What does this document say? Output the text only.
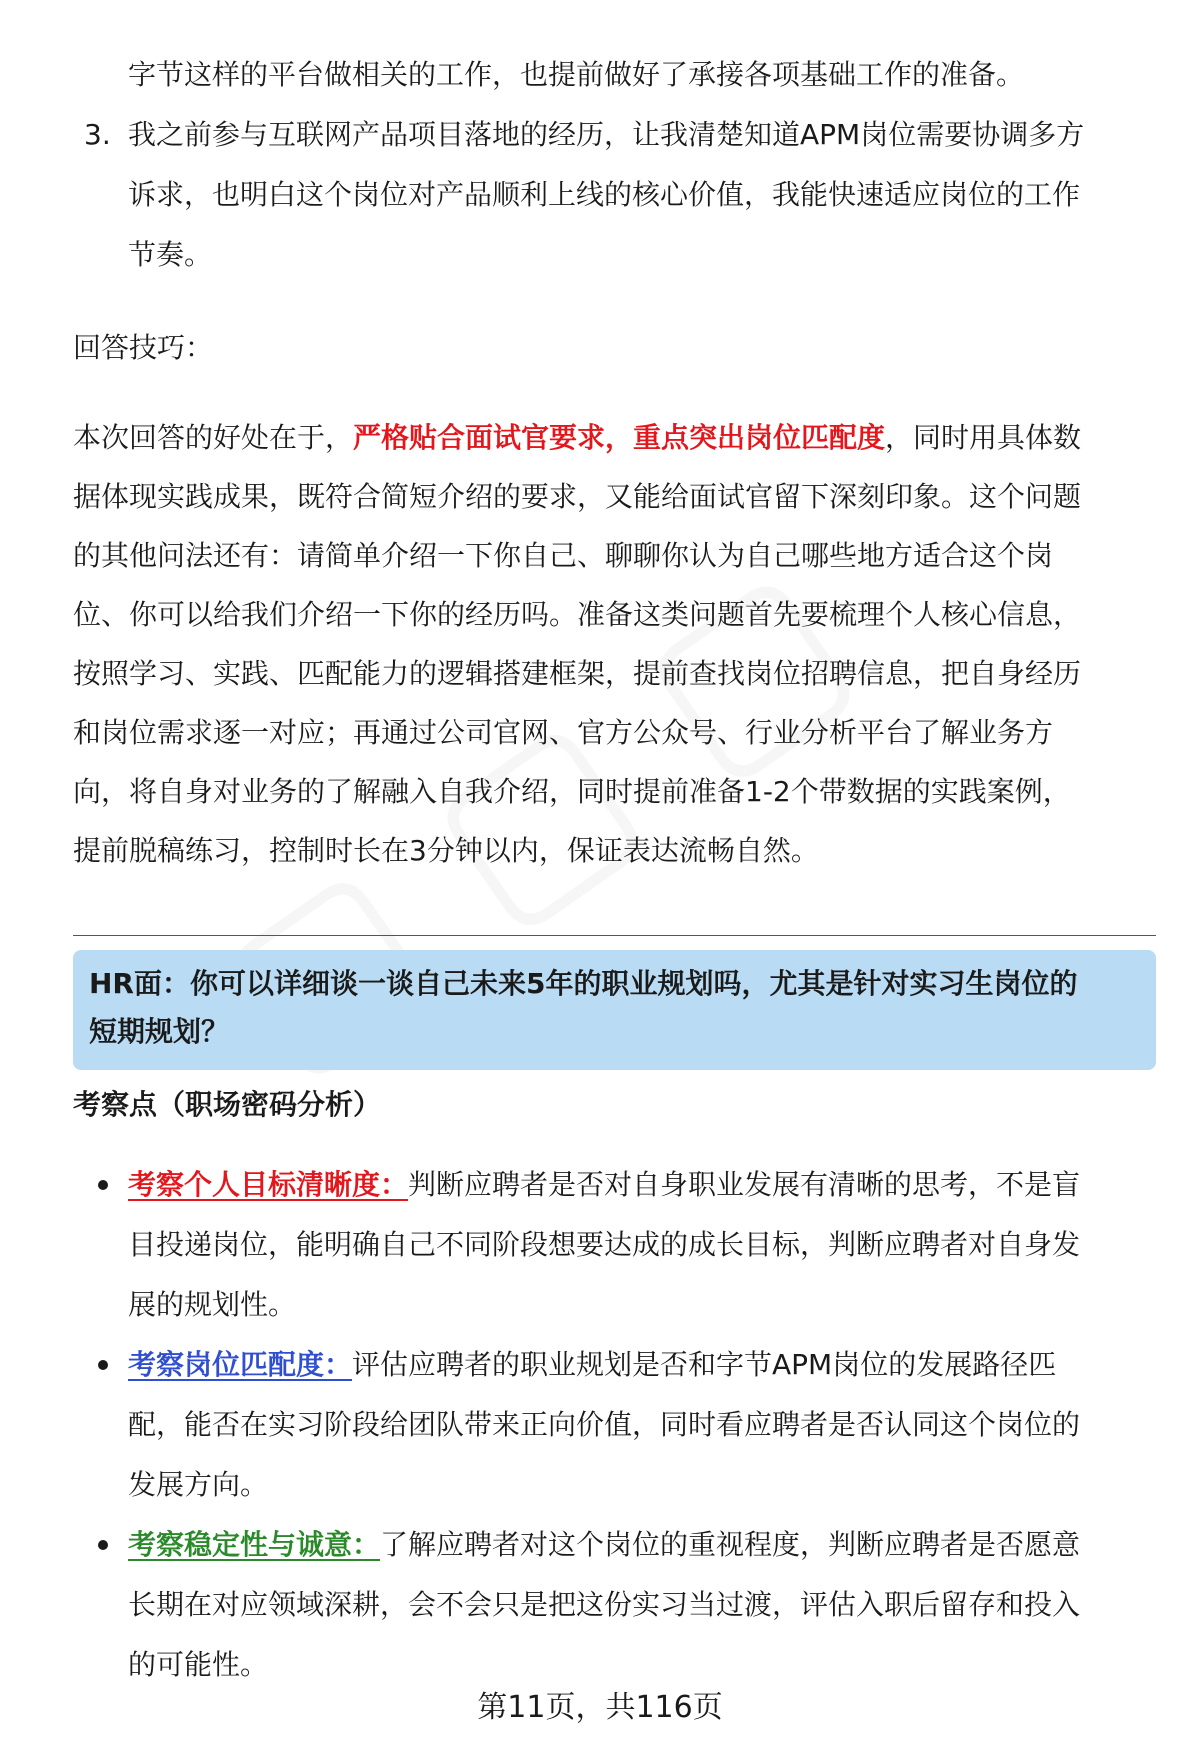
字节这样的平台做相关的工作，也提前做好了承接各项基础工作的准备。
3. 我之前参与互联网产品项目落地的经历，让我清楚知道APM岗位需要协调多方
诉求，也明白这个岗位对产品顺利上线的核心价值，我能快速适应岗位的工作
节奏。
回答技巧：
本次回答的好处在于，严格贴合面试官要求，重点突出岗位匹配度，同时用具体数
据体现实践成果，既符合简短介绍的要求，又能给面试官留下深刻印象。这个问题
的其他问法还有：请简单介绍一下你自己、聊聊你认为自己哪些地方适合这个岗
位、你可以给我们介绍一下你的经历吗。准备这类问题首先要梳理个人核心信息，
按照学习、实践、匹配能力的逻辑搭建框架，提前查找岗位招聘信息，把自身经历
和岗位需求逐一对应；再通过公司官网、官方公众号、行业分析平台了解业务方
向，将自身对业务的了解融入自我介绍，同时提前准备1-2个带数据的实践案例，
提前脱稿练习，控制时长在3分钟以内，保证表达流畅自然。
HR面：你可以详细谈一谈自己未来5年的职业规划吗，尤其是针对实习生岗位的
短期规划？
考察点（职场密码分析）
考察个人目标清晰度：判断应聘者是否对自身职业发展有清晰的思考，不是盲
目投递岗位，能明确自己不同阶段想要达成的成长目标，判断应聘者对自身发
展的规划性。
考察岗位匹配度：评估应聘者的职业规划是否和字节APM岗位的发展路径匹
配，能否在实习阶段给团队带来正向价值，同时看应聘者是否认同这个岗位的
发展方向。
考察稳定性与诚意：了解应聘者对这个岗位的重视程度，判断应聘者是否愿意
长期在对应领域深耕，会不会只是把这份实习当过渡，评估入职后留存和投入
的可能性。
第11页，共116页
